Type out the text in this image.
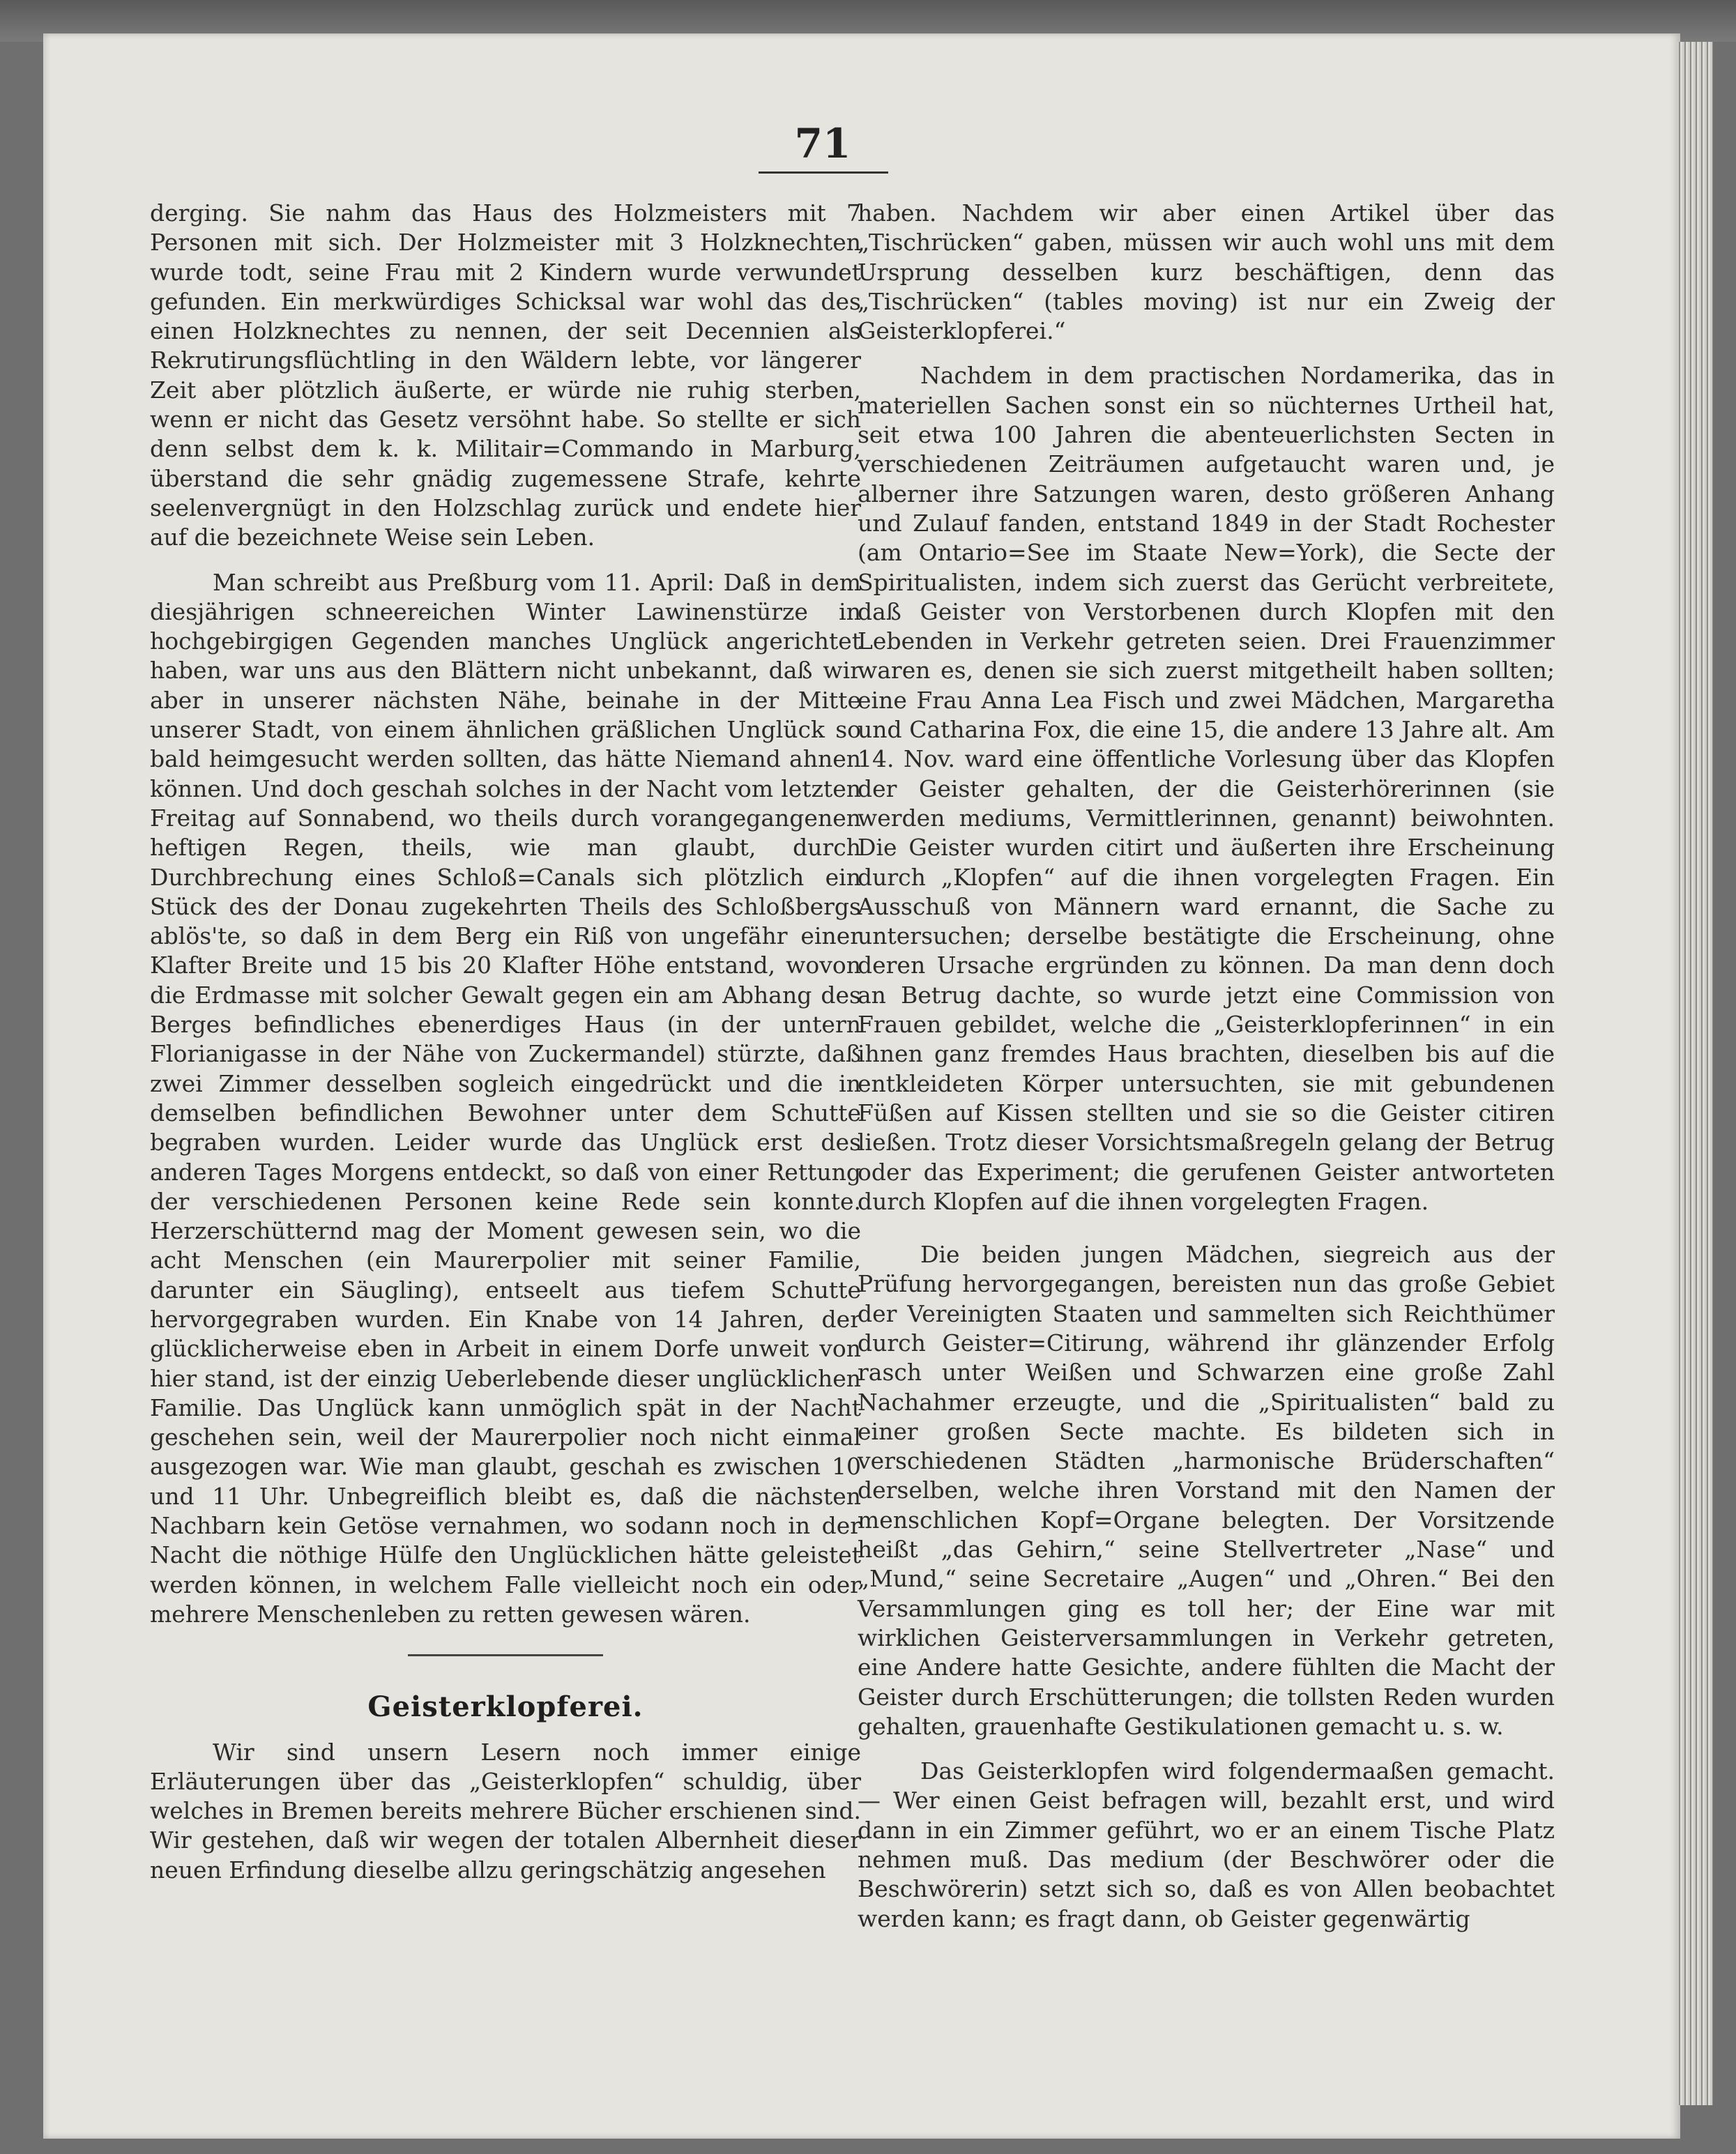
71

derging. Sie nahm das Haus des Holzmeisters mit 7 Personen mit sich. Der Holzmeister mit 3 Holzknechten wurde todt, seine Frau mit 2 Kindern wurde verwundet gefunden. Ein merkwürdiges Schicksal war wohl das des einen Holzknechtes zu nennen, der seit Decennien als Rekrutirungsflüchtling in den Wäldern lebte, vor längerer Zeit aber plötzlich äußerte, er würde nie ruhig sterben, wenn er nicht das Gesetz versöhnt habe. So stellte er sich denn selbst dem k. k. Militair=Commando in Marburg, überstand die sehr gnädig zugemessene Strafe, kehrte seelenvergnügt in den Holzschlag zurück und endete hier auf die bezeichnete Weise sein Leben.

Man schreibt aus Preßburg vom 11. April: Daß in dem diesjährigen schneereichen Winter Lawinenstürze in hochgebirgigen Gegenden manches Unglück angerichtet haben, war uns aus den Blättern nicht unbekannt, daß wir aber in unserer nächsten Nähe, beinahe in der Mitte unserer Stadt, von einem ähnlichen gräßlichen Unglück so bald heimgesucht werden sollten, das hätte Niemand ahnen können. Und doch geschah solches in der Nacht vom letzten Freitag auf Sonnabend, wo theils durch vorangegangenen heftigen Regen, theils, wie man glaubt, durch Durchbrechung eines Schloß=Canals sich plötzlich ein Stück des der Donau zugekehrten Theils des Schloßbergs ablös'te, so daß in dem Berg ein Riß von ungefähr einer Klafter Breite und 15 bis 20 Klafter Höhe entstand, wovon die Erdmasse mit solcher Gewalt gegen ein am Abhang des Berges befindliches ebenerdiges Haus (in der untern Florianigasse in der Nähe von Zuckermandel) stürzte, daß zwei Zimmer desselben sogleich eingedrückt und die in demselben befindlichen Bewohner unter dem Schutte begraben wurden. Leider wurde das Unglück erst des anderen Tages Morgens entdeckt, so daß von einer Rettung der verschiedenen Personen keine Rede sein konnte. Herzerschütternd mag der Moment gewesen sein, wo die acht Menschen (ein Maurerpolier mit seiner Familie, darunter ein Säugling), entseelt aus tiefem Schutte hervorgegraben wurden. Ein Knabe von 14 Jahren, der glücklicherweise eben in Arbeit in einem Dorfe unweit von hier stand, ist der einzig Ueberlebende dieser unglücklichen Familie. Das Unglück kann unmöglich spät in der Nacht geschehen sein, weil der Maurerpolier noch nicht einmal ausgezogen war. Wie man glaubt, geschah es zwischen 10 und 11 Uhr. Unbegreiflich bleibt es, daß die nächsten Nachbarn kein Getöse vernahmen, wo sodann noch in der Nacht die nöthige Hülfe den Unglücklichen hätte geleistet werden können, in welchem Falle vielleicht noch ein oder mehrere Menschenleben zu retten gewesen wären.

Geisterklopferei.

Wir sind unsern Lesern noch immer einige Erläuterungen über das „Geisterklopfen“ schuldig, über welches in Bremen bereits mehrere Bücher erschienen sind. Wir gestehen, daß wir wegen der totalen Albernheit dieser neuen Erfindung dieselbe allzu geringschätzig angesehen

haben. Nachdem wir aber einen Artikel über das „Tischrücken“ gaben, müssen wir auch wohl uns mit dem Ursprung desselben kurz beschäftigen, denn das „Tischrücken“ (tables moving) ist nur ein Zweig der Geisterklopferei.“

Nachdem in dem practischen Nordamerika, das in materiellen Sachen sonst ein so nüchternes Urtheil hat, seit etwa 100 Jahren die abenteuerlichsten Secten in verschiedenen Zeiträumen aufgetaucht waren und, je alberner ihre Satzungen waren, desto größeren Anhang und Zulauf fanden, entstand 1849 in der Stadt Rochester (am Ontario=See im Staate New=York), die Secte der Spiritualisten, indem sich zuerst das Gerücht verbreitete, daß Geister von Verstorbenen durch Klopfen mit den Lebenden in Verkehr getreten seien. Drei Frauenzimmer waren es, denen sie sich zuerst mitgetheilt haben sollten; eine Frau Anna Lea Fisch und zwei Mädchen, Margaretha und Catharina Fox, die eine 15, die andere 13 Jahre alt. Am 14. Nov. ward eine öffentliche Vorlesung über das Klopfen der Geister gehalten, der die Geisterhörerinnen (sie werden mediums, Vermittlerinnen, genannt) beiwohnten. Die Geister wurden citirt und äußerten ihre Erscheinung durch „Klopfen“ auf die ihnen vorgelegten Fragen. Ein Ausschuß von Männern ward ernannt, die Sache zu untersuchen; derselbe bestätigte die Erscheinung, ohne deren Ursache ergründen zu können. Da man denn doch an Betrug dachte, so wurde jetzt eine Commission von Frauen gebildet, welche die „Geisterklopferinnen“ in ein ihnen ganz fremdes Haus brachten, dieselben bis auf die entkleideten Körper untersuchten, sie mit gebundenen Füßen auf Kissen stellten und sie so die Geister citiren ließen. Trotz dieser Vorsichtsmaßregeln gelang der Betrug oder das Experiment; die gerufenen Geister antworteten durch Klopfen auf die ihnen vorgelegten Fragen.

Die beiden jungen Mädchen, siegreich aus der Prüfung hervorgegangen, bereisten nun das große Gebiet der Vereinigten Staaten und sammelten sich Reichthümer durch Geister=Citirung, während ihr glänzender Erfolg rasch unter Weißen und Schwarzen eine große Zahl Nachahmer erzeugte, und die „Spiritualisten“ bald zu einer großen Secte machte. Es bildeten sich in verschiedenen Städten „harmonische Brüderschaften“ derselben, welche ihren Vorstand mit den Namen der menschlichen Kopf=Organe belegten. Der Vorsitzende heißt „das Gehirn,“ seine Stellvertreter „Nase“ und „Mund,“ seine Secretaire „Augen“ und „Ohren.“ Bei den Versammlungen ging es toll her; der Eine war mit wirklichen Geisterversammlungen in Verkehr getreten, eine Andere hatte Gesichte, andere fühlten die Macht der Geister durch Erschütterungen; die tollsten Reden wurden gehalten, grauenhafte Gestikulationen gemacht u. s. w.

Das Geisterklopfen wird folgendermaaßen gemacht. — Wer einen Geist befragen will, bezahlt erst, und wird dann in ein Zimmer geführt, wo er an einem Tische Platz nehmen muß. Das medium (der Beschwörer oder die Beschwörerin) setzt sich so, daß es von Allen beobachtet werden kann; es fragt dann, ob Geister gegenwärtig
